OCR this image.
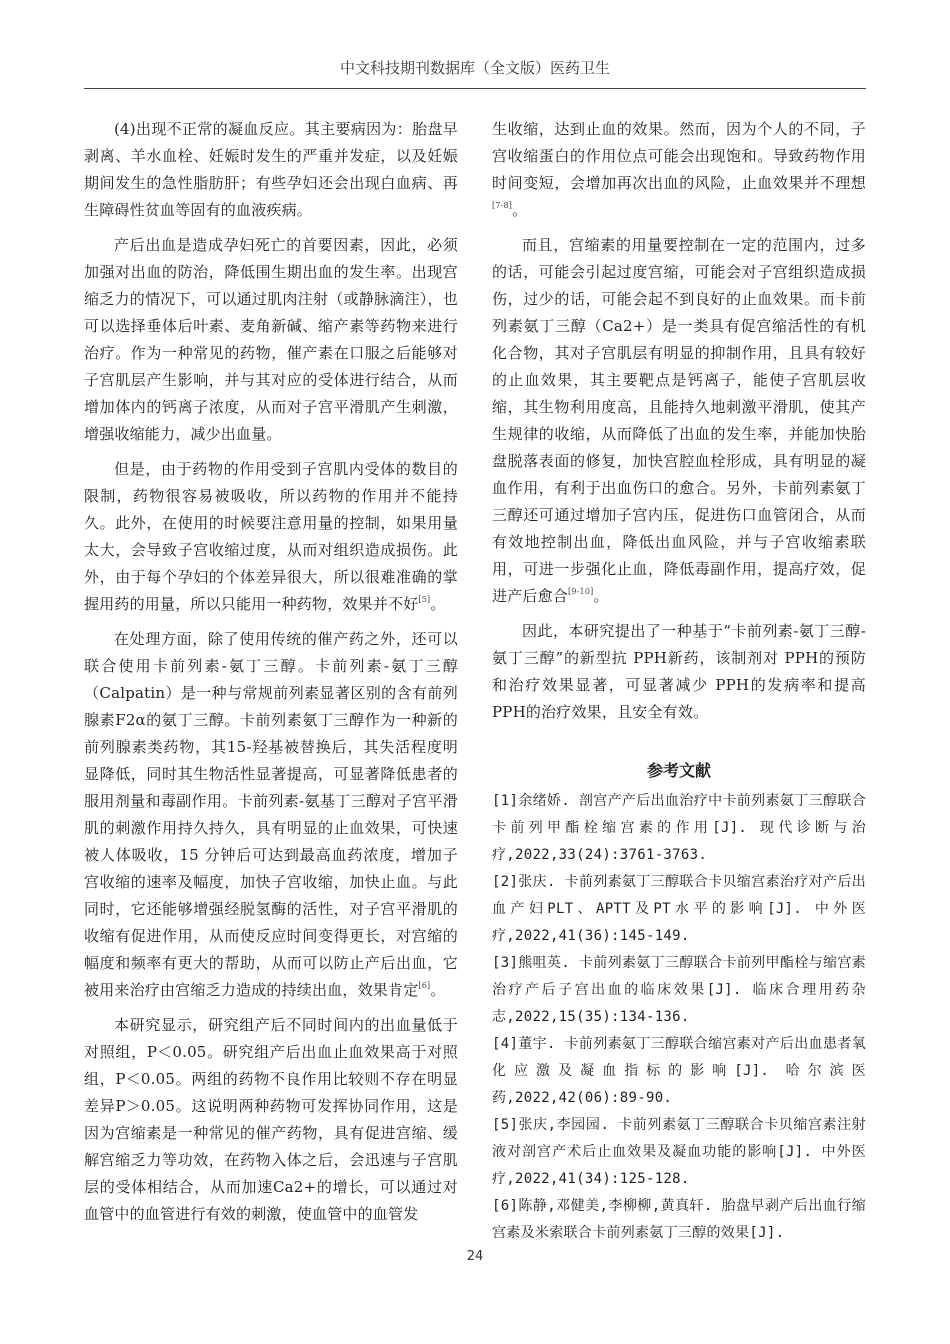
中文科技期刊数据库（全文版）医药卫生

(4)出现不正常的凝血反应。其主要病因为：胎盘早剥离、羊水血栓、妊娠时发生的严重并发症，以及妊娠期间发生的急性脂肪肝；有些孕妇还会出现白血病、再生障碍性贫血等固有的血液疾病。

产后出血是造成孕妇死亡的首要因素，因此，必须加强对出血的防治，降低围生期出血的发生率。出现宫缩乏力的情况下，可以通过肌肉注射（或静脉滴注），也可以选择垂体后叶素、麦角新碱、缩产素等药物来进行治疗。作为一种常见的药物，催产素在口服之后能够对子宫肌层产生影响，并与其对应的受体进行结合，从而增加体内的钙离子浓度，从而对子宫平滑肌产生刺激，增强收缩能力，减少出血量。

但是，由于药物的作用受到子宫肌内受体的数目的限制，药物很容易被吸收，所以药物的作用并不能持久。此外，在使用的时候要注意用量的控制，如果用量太大，会导致子宫收缩过度，从而对组织造成损伤。此外，由于每个孕妇的个体差异很大，所以很难准确的掌握用药的用量，所以只能用一种药物，效果并不好[5]。

在处理方面，除了使用传统的催产药之外，还可以联合使用卡前列素-氨丁三醇。卡前列素-氨丁三醇（Calpatin）是一种与常规前列素显著区别的含有前列腺素F2α的氨丁三醇。卡前列素氨丁三醇作为一种新的前列腺素类药物，其15-羟基被替换后，其失活程度明显降低，同时其生物活性显著提高，可显著降低患者的服用剂量和毒副作用。卡前列素-氨基丁三醇对子宫平滑肌的刺激作用持久持久，具有明显的止血效果，可快速被人体吸收，15 分钟后可达到最高血药浓度，增加子宫收缩的速率及幅度，加快子宫收缩，加快止血。与此同时，它还能够增强经脱氢酶的活性，对子宫平滑肌的收缩有促进作用，从而使反应时间变得更长，对宫缩的幅度和频率有更大的帮助，从而可以防止产后出血，它被用来治疗由宫缩乏力造成的持续出血，效果肯定[6]。

本研究显示，研究组产后不同时间内的出血量低于对照组，P＜0.05。研究组产后出血止血效果高于对照组，P＜0.05。两组的药物不良作用比较则不存在明显差异P＞0.05。这说明两种药物可发挥协同作用，这是因为宫缩素是一种常见的催产药物，具有促进宫缩、缓解宫缩乏力等功效，在药物入体之后，会迅速与子宫肌层的受体相结合，从而加速Ca2+的增长，可以通过对血管中的血管进行有效的刺激，使血管中的血管发

生收缩，达到止血的效果。然而，因为个人的不同，子宫收缩蛋白的作用位点可能会出现饱和。导致药物作用时间变短，会增加再次出血的风险，止血效果并不理想[7-8]。

而且，宫缩素的用量要控制在一定的范围内，过多的话，可能会引起过度宫缩，可能会对子宫组织造成损伤，过少的话，可能会起不到良好的止血效果。而卡前列素氨丁三醇（Ca2+）是一类具有促宫缩活性的有机化合物，其对子宫肌层有明显的抑制作用，且具有较好的止血效果，其主要靶点是钙离子，能使子宫肌层收缩，其生物利用度高，且能持久地刺激平滑肌，使其产生规律的收缩，从而降低了出血的发生率，并能加快胎盘脱落表面的修复，加快宫腔血栓形成，具有明显的凝血作用，有利于出血伤口的愈合。另外，卡前列素氨丁三醇还可通过增加子宫内压，促进伤口血管闭合，从而有效地控制出血，降低出血风险，并与子宫收缩素联用，可进一步强化止血，降低毒副作用，提高疗效，促进产后愈合[9-10]。

因此，本研究提出了一种基于“卡前列素-氨丁三醇-氨丁三醇”的新型抗 PPH新药，该制剂对 PPH的预防和治疗效果显著，可显著减少 PPH的发病率和提高 PPH的治疗效果，且安全有效。

参考文献

[1]余绪娇. 剖宫产产后出血治疗中卡前列素氨丁三醇联合卡前列甲酯栓缩宫素的作用[J]. 现代诊断与治疗,2022,33(24):3761-3763.

[2]张庆. 卡前列素氨丁三醇联合卡贝缩宫素治疗对产后出血产妇PLT、APTT及PT水平的影响[J]. 中外医疗,2022,41(36):145-149.

[3]熊咀英. 卡前列素氨丁三醇联合卡前列甲酯栓与缩宫素治疗产后子宫出血的临床效果[J]. 临床合理用药杂志,2022,15(35):134-136.

[4]董宇. 卡前列素氨丁三醇联合缩宫素对产后出血患者氧化应激及凝血指标的影响[J]. 哈尔滨医药,2022,42(06):89-90.

[5]张庆,李园园. 卡前列素氨丁三醇联合卡贝缩宫素注射液对剖宫产术后止血效果及凝血功能的影响[J]. 中外医疗,2022,41(34):125-128.

[6]陈静,邓健美,李柳柳,黄真轩. 胎盘早剥产后出血行缩宫素及米索联合卡前列素氨丁三醇的效果[J].

24
